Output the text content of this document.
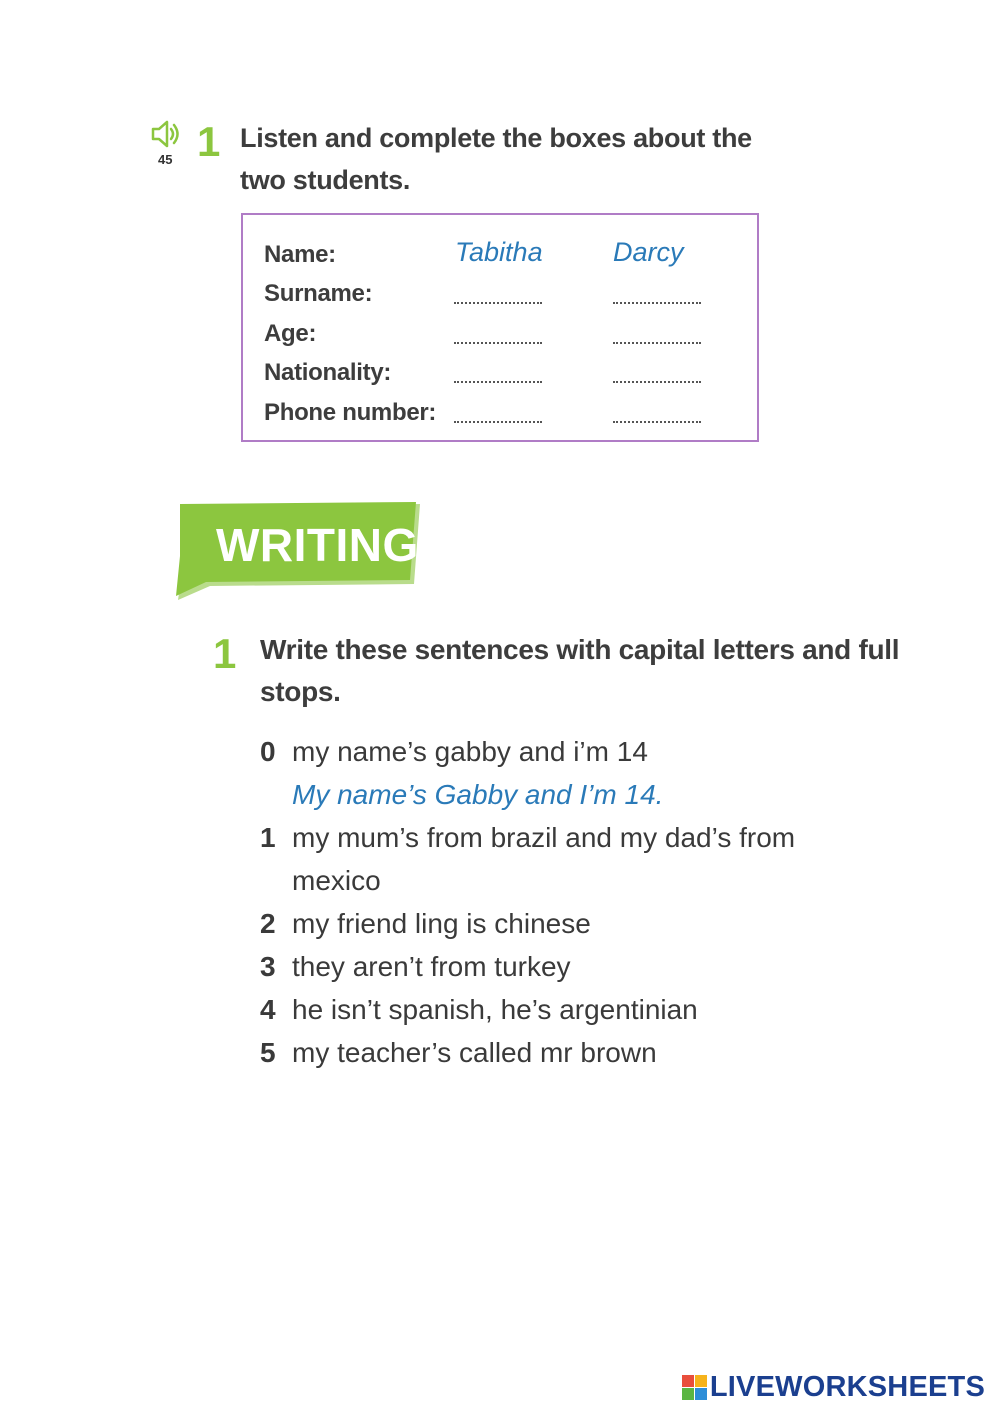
45 1 Listen and complete the boxes about the two students.
Name:	Tabitha	Darcy
Surname:
Age:
Nationality:
Phone number:
WRITING
1 Write these sentences with capital letters and full stops.
0 my name’s gabby and i’m 14
My name’s Gabby and I’m 14.
1 my mum’s from brazil and my dad’s from mexico
2 my friend ling is chinese
3 they aren’t from turkey
4 he isn’t spanish, he’s argentinian
5 my teacher’s called mr brown
LIVEWORKSHEETS
